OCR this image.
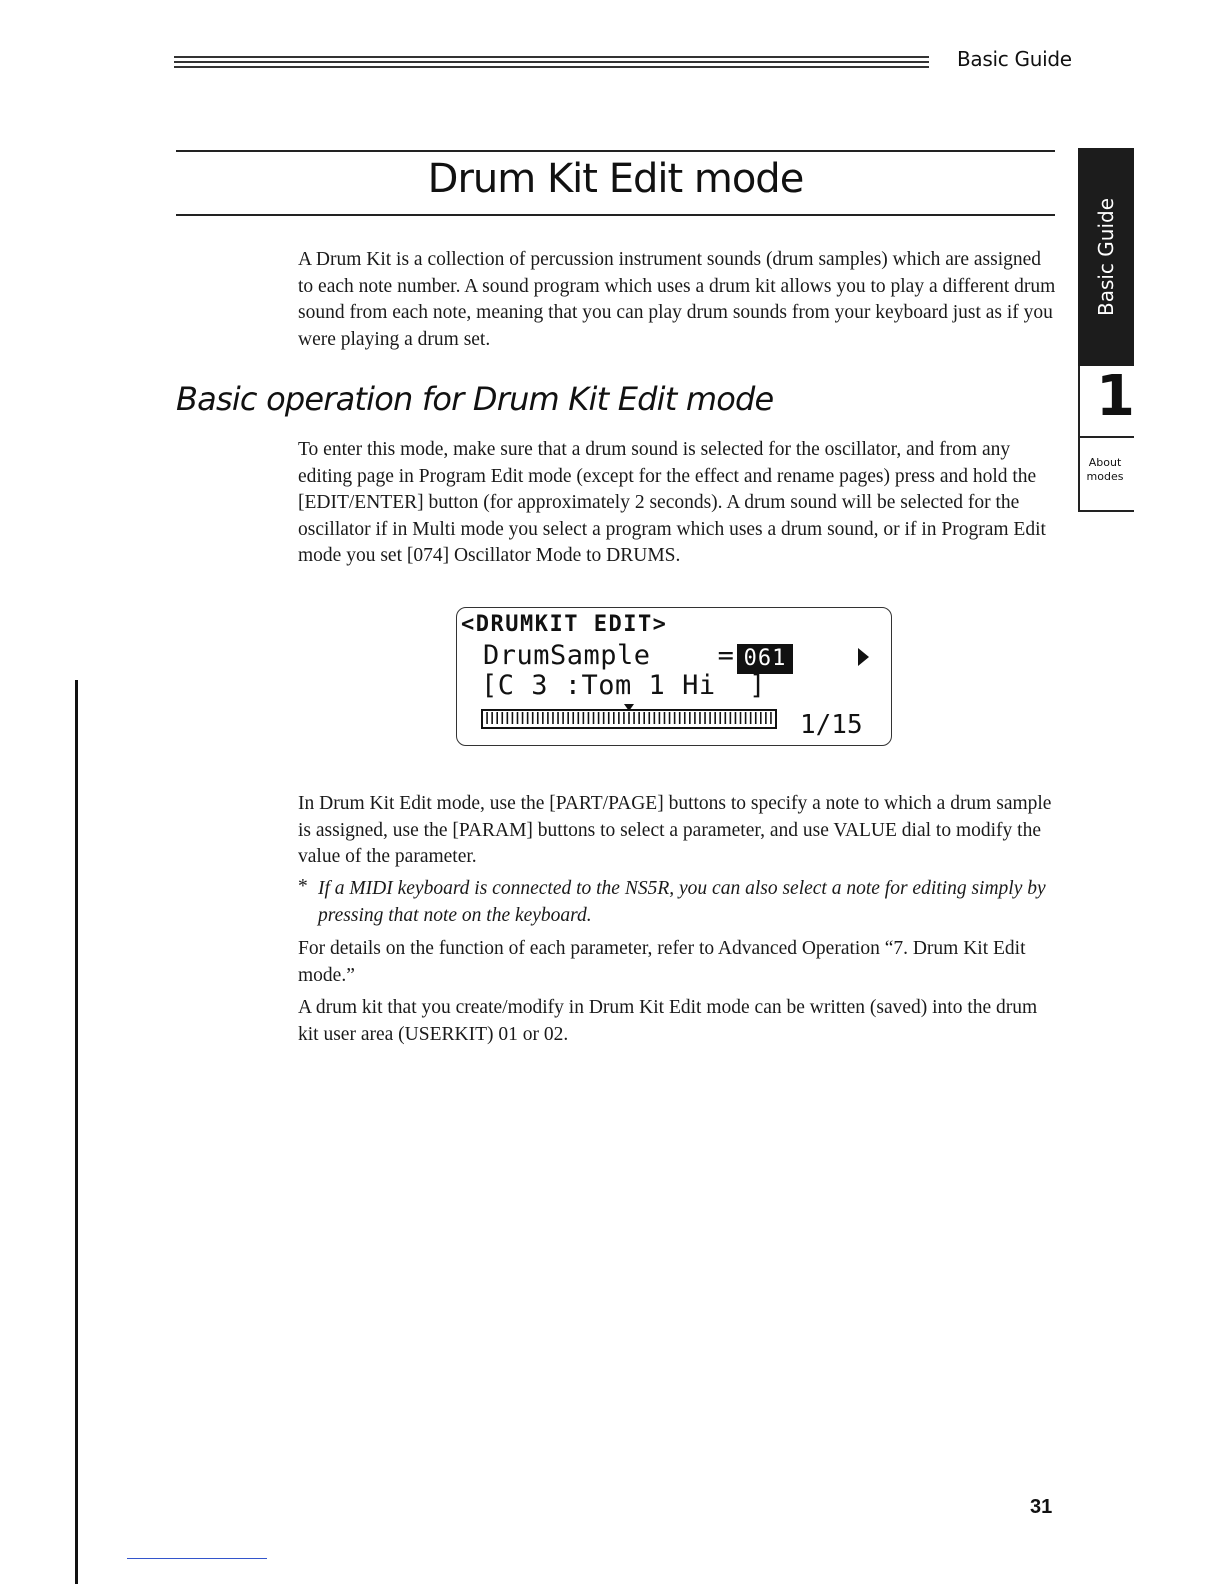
Basic Guide
Drum Kit Edit mode

A Drum Kit is a collection of percussion instrument sounds (drum samples) which are assigned to each note number. A sound program which uses a drum kit allows you to play a different drum sound from each note, meaning that you can play drum sounds from your keyboard just as if you were playing a drum set.

Basic operation for Drum Kit Edit mode

To enter this mode, make sure that a drum sound is selected for the oscillator, and from any editing page in Program Edit mode (except for the effect and rename pages) press and hold the [EDIT/ENTER] button (for approximately 2 seconds). A drum sound will be selected for the oscillator if in Multi mode you select a program which uses a drum sound, or if in Program Edit mode you set [074] Oscillator Mode to DRUMS.

<DRUMKIT EDIT>
DrumSample    = 061
[C 3 :Tom 1 Hi  ]
1/15

In Drum Kit Edit mode, use the [PART/PAGE] buttons to specify a note to which a drum sample is assigned, use the [PARAM] buttons to select a parameter, and use VALUE dial to modify the value of the parameter.

* If a MIDI keyboard is connected to the NS5R, you can also select a note for editing simply by pressing that note on the keyboard.

For details on the function of each parameter, refer to Advanced Operation “7. Drum Kit Edit mode.”

A drum kit that you create/modify in Drum Kit Edit mode can be written (saved) into the drum kit user area (USERKIT) 01 or 02.

Basic Guide
1
About
modes
31
